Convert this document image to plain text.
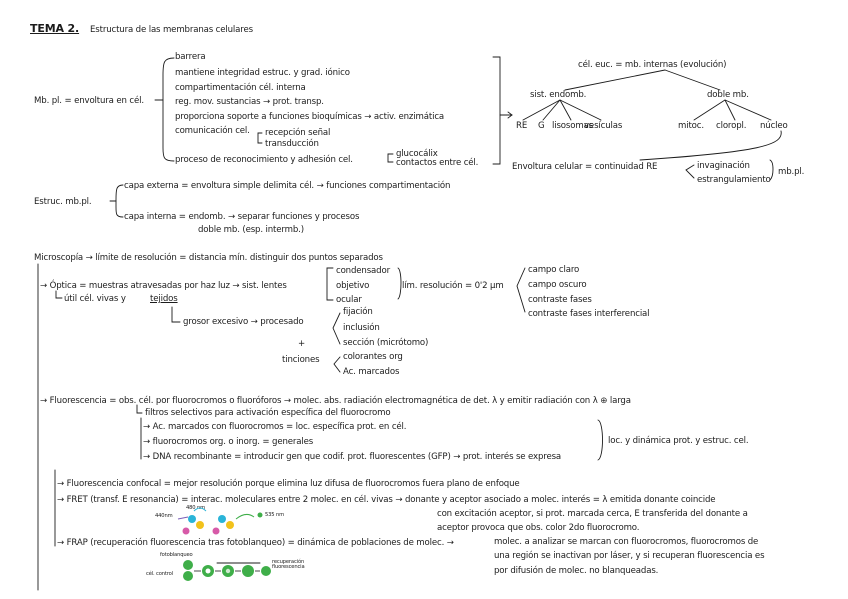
TEMA 2. Estructura de las membranas celulares
Mb. pl. = envoltura en cél.
barrera
mantiene integridad estruc. y grad. iónico
compartimentación cél. interna
reg. mov. sustancias → prot. transp.
proporciona soporte a funciones bioquímicas → activ. enzimática
comunicación cel. recepción señal
transducción
proceso de reconocimiento y adhesión cel.
glucocálix
contactos entre cél.
cél. euc. = mb. internas (evolución)
sist. endomb.	doble mb.
RE G lisosomas
vesículas	mitoc. cloropl. núcleo
Envoltura celular = continuidad RE	invaginación
estrangulamiento
mb.pl.
Estruc. mb.pl.
capa externa = envoltura simple delimita cél. → funciones compartimentación
capa interna = endomb. → separar funciones y procesos
doble mb. (esp. intermb.)
Microscopía → límite de resolución = distancia mín. distinguir dos puntos separados
→ Óptica = muestras atravesadas por haz luz → sist. lentes
condensador
objetivo
ocular
lím. resolución = 0'2 µm
campo claro
campo oscuro
contraste fases
contraste fases interferencial
útil cél. vivas y	tejidos
grosor excesivo → procesado
fijación
inclusión
sección (micrótomo)
+
tinciones	colorantes org
Ac. marcados
→ Fluorescencia = obs. cél. por fluorocromos o fluoróforos → molec. abs. radiación electromagnética de det. λ y emitir radiación con λ ⊕ larga
filtros selectivos para activación específica del fluorocromo
→ Ac. marcados con fluorocromos = loc. específica prot. en cél.
→ fluorocromos org. o inorg. = generales
→ DNA recombinante = introducir gen que codif. prot. fluorescentes (GFP) → prot. interés se expresa
loc. y dinámica prot. y estruc. cel.
→ Fluorescencia confocal = mejor resolución porque elimina luz difusa de fluorocromos fuera plano de enfoque
→ FRET (transf. E resonancia) = interac. moleculares entre 2 molec. en cél. vivas → donante y aceptor asociado a molec. interés = λ emitida donante coincide
con excitación aceptor, si prot. marcada cerca, E transferida del donante a
aceptor provoca que obs. color 2do fluorocromo.
440nm
480 nm
535 nm
→ FRAP (recuperación fluorescencia tras fotoblanqueo) = dinámica de poblaciones de molec. →	molec. a analizar se marcan con fluorocromos, fluorocromos de
una región se inactivan por láser, y si recuperan fluorescencia es
por difusión de molec. no blanqueadas.
fotoblanqueo
cél. control
recuperación fluorescencia
